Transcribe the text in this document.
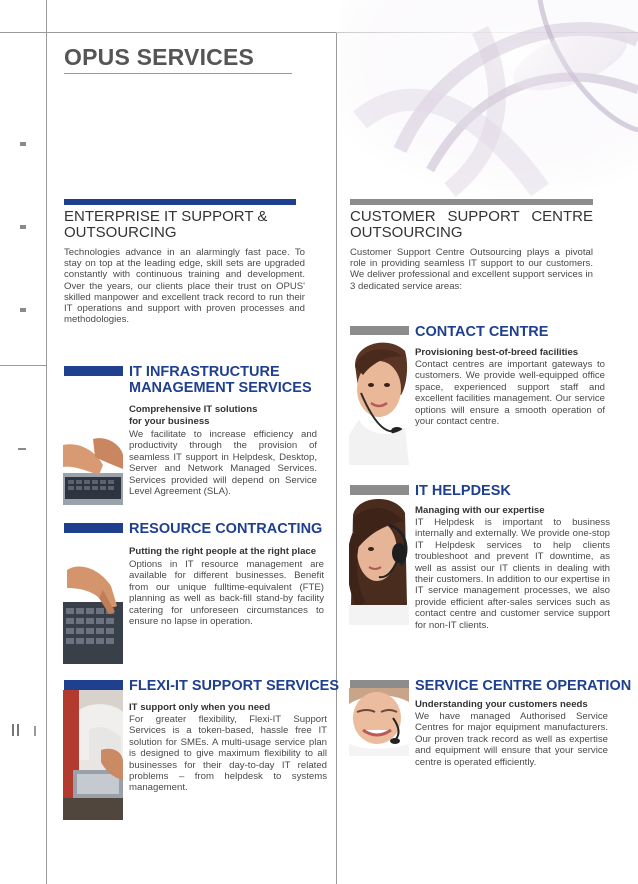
OPUS SERVICES
ENTERPRISE IT SUPPORT &
OUTSOURCING
Technologies advance in an alarmingly fast pace. To stay on top at the leading edge, skill sets are upgraded constantly with continuous training and development. Over the years, our clients place their trust on OPUS' skilled manpower and excellent track record to run their IT operations and support with proven processes and methodologies.
IT INFRASTRUCTURE
MANAGEMENT SERVICES
Comprehensive IT solutions
for your business
We facilitate to increase efficiency and productivity through the provision of seamless IT support in Helpdesk, Desktop, Server and Network Managed Services. Services provided will depend on Service Level Agreement (SLA).
RESOURCE CONTRACTING
Putting the right people at the right place
Options in IT resource management are available for different businesses. Benefit from our unique fulltime-equivalent (FTE) planning as well as back-fill stand-by facility catering for unforeseen circumstances to ensure no lapse in operation.
FLEXI-IT SUPPORT SERVICES
IT support only when you need
For greater flexibility, Flexi-IT Support Services is a token-based, hassle free IT solution for SMEs. A multi-usage service plan is designed to give maximum flexibility to all businesses for their day-to-day IT related problems – from helpdesk to systems management.
CUSTOMER SUPPORT CENTRE
OUTSOURCING
Customer Support Centre Outsourcing plays a pivotal role in providing seamless IT support to our customers. We deliver professional and excellent support services in 3 dedicated service areas:
CONTACT CENTRE
Provisioning best-of-breed facilities
Contact centres are important gateways to customers. We provide well-equipped office space, experienced support staff and excellent facilities management. Our service options will ensure a smooth operation of your contact centre.
IT HELPDESK
Managing with our expertise
IT Helpdesk is important to business internally and externally. We provide one-stop IT Helpdesk services to help clients troubleshoot and prevent IT downtime, as well as assist our IT clients in dealing with their customers. In addition to our expertise in IT service management processes, we also provide efficient after-sales services such as contact centre and customer service support for non-IT clients.
SERVICE CENTRE OPERATION
Understanding your customers needs
We have managed Authorised Service Centres for major equipment manufacturers. Our proven track record as well as expertise and equipment will ensure that your service centre is operated efficiently.
